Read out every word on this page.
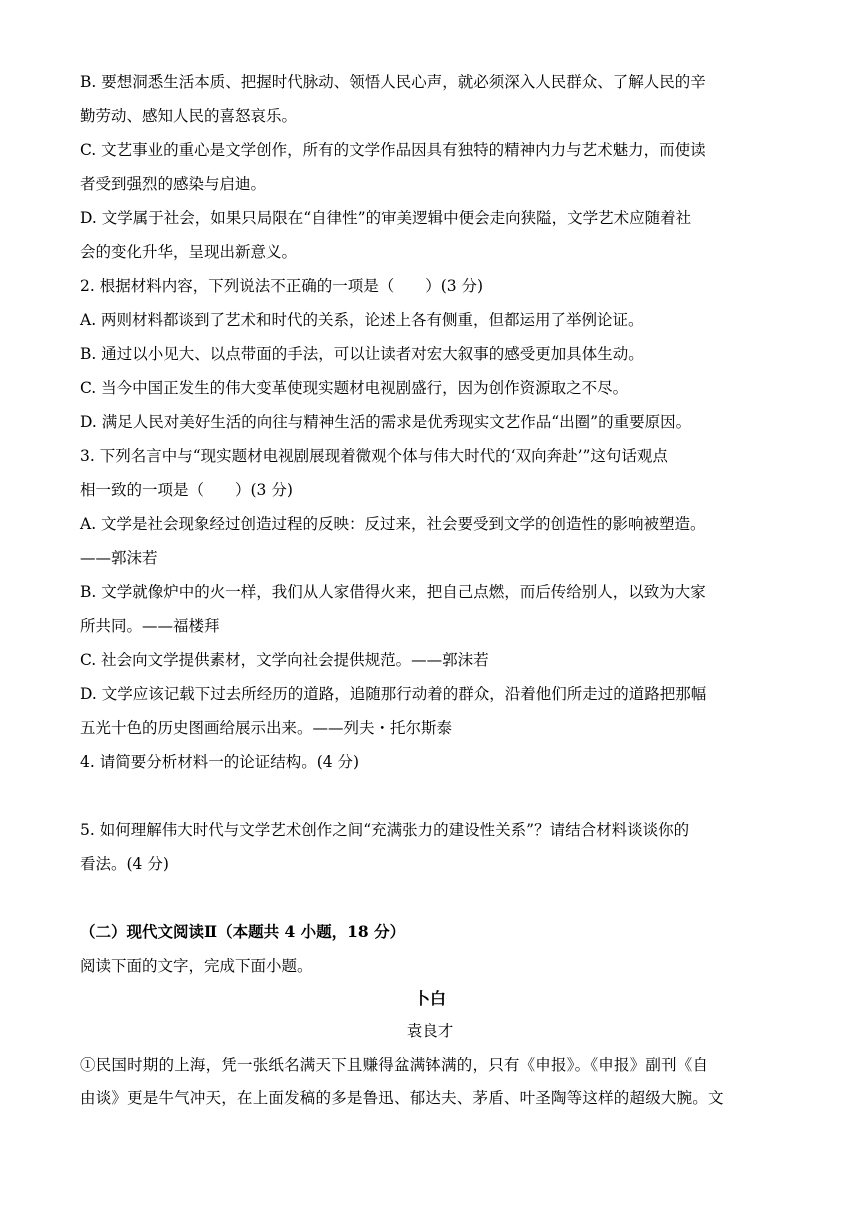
B. 要想洞悉生活本质、把握时代脉动、领悟人民心声，就必须深入人民群众、了解人民的辛
勤劳动、感知人民的喜怒哀乐。
C. 文艺事业的重心是文学创作，所有的文学作品因具有独特的精神内力与艺术魅力，而使读
者受到强烈的感染与启迪。
D. 文学属于社会，如果只局限在“自律性”的审美逻辑中便会走向狭隘，文学艺术应随着社
会的变化升华，呈现出新意义。
2. 根据材料内容，下列说法不正确的一项是（　　）(3 分)
A. 两则材料都谈到了艺术和时代的关系，论述上各有侧重，但都运用了举例论证。
B. 通过以小见大、以点带面的手法，可以让读者对宏大叙事的感受更加具体生动。
C. 当今中国正发生的伟大变革使现实题材电视剧盛行，因为创作资源取之不尽。
D. 满足人民对美好生活的向往与精神生活的需求是优秀现实文艺作品“出圈”的重要原因。
3. 下列名言中与“现实题材电视剧展现着微观个体与伟大时代的‘双向奔赴’”这句话观点
相一致的一项是（　　）(3 分)
A. 文学是社会现象经过创造过程的反映：反过来，社会要受到文学的创造性的影响被塑造。
——郭沫若
B. 文学就像炉中的火一样，我们从人家借得火来，把自己点燃，而后传给别人，以致为大家
所共同。——福楼拜
C. 社会向文学提供素材，文学向社会提供规范。——郭沫若
D. 文学应该记载下过去所经历的道路，追随那行动着的群众，沿着他们所走过的道路把那幅
五光十色的历史图画给展示出来。——列夫・托尔斯泰
4. 请简要分析材料一的论证结构。(4 分)
5. 如何理解伟大时代与文学艺术创作之间“充满张力的建设性关系”？请结合材料谈谈你的
看法。(4 分)
（二）现代文阅读Ⅱ（本题共 4 小题，18 分）
阅读下面的文字，完成下面小题。
卜白
袁良才
①民国时期的上海，凭一张纸名满天下且赚得盆满钵满的，只有《申报》。《申报》副刊《自
由谈》更是牛气冲天，在上面发稿的多是鲁迅、郁达夫、茅盾、叶圣陶等这样的超级大腕。文
